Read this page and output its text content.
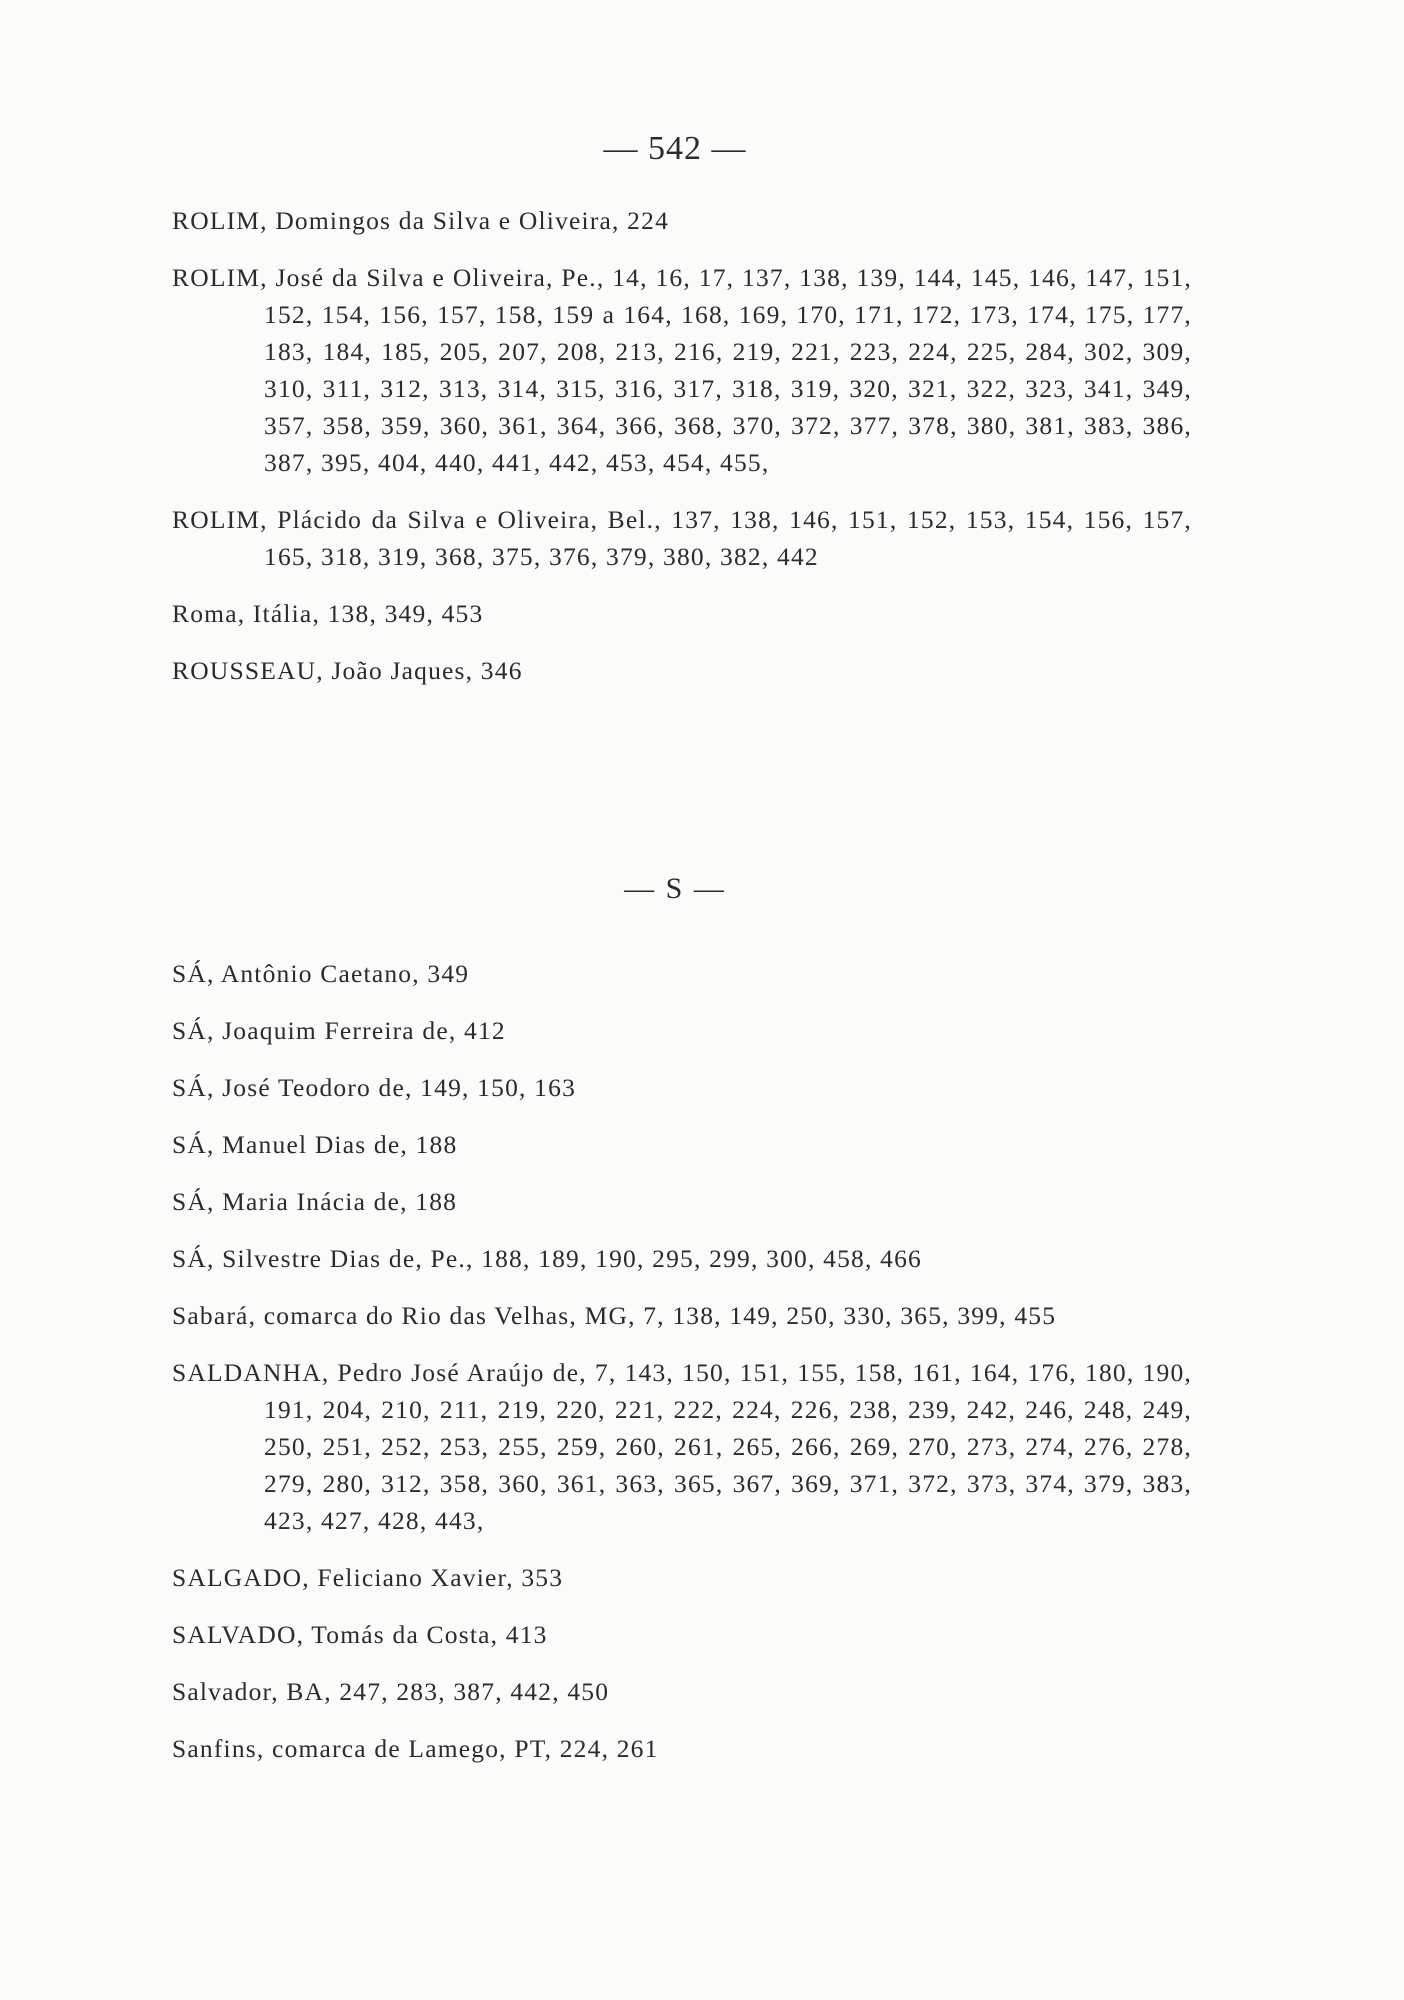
— 542 —

ROLIM, Domingos da Silva e Oliveira, 224

ROLIM, José da Silva e Oliveira, Pe., 14, 16, 17, 137, 138, 139, 144, 145, 146, 147, 151, 152, 154, 156, 157, 158, 159 a 164, 168, 169, 170, 171, 172, 173, 174, 175, 177, 183, 184, 185, 205, 207, 208, 213, 216, 219, 221, 223, 224, 225, 284, 302, 309, 310, 311, 312, 313, 314, 315, 316, 317, 318, 319, 320, 321, 322, 323, 341, 349, 357, 358, 359, 360, 361, 364, 366, 368, 370, 372, 377, 378, 380, 381, 383, 386, 387, 395, 404, 440, 441, 442, 453, 454, 455,

ROLIM, Plácido da Silva e Oliveira, Bel., 137, 138, 146, 151, 152, 153, 154, 156, 157, 165, 318, 319, 368, 375, 376, 379, 380, 382, 442

Roma, Itália, 138, 349, 453

ROUSSEAU, João Jaques, 346

— S —

SÁ, Antônio Caetano, 349

SÁ, Joaquim Ferreira de, 412

SÁ, José Teodoro de, 149, 150, 163

SÁ, Manuel Dias de, 188

SÁ, Maria Inácia de, 188

SÁ, Silvestre Dias de, Pe., 188, 189, 190, 295, 299, 300, 458, 466

Sabará, comarca do Rio das Velhas, MG, 7, 138, 149, 250, 330, 365, 399, 455

SALDANHA, Pedro José Araújo de, 7, 143, 150, 151, 155, 158, 161, 164, 176, 180, 190, 191, 204, 210, 211, 219, 220, 221, 222, 224, 226, 238, 239, 242, 246, 248, 249, 250, 251, 252, 253, 255, 259, 260, 261, 265, 266, 269, 270, 273, 274, 276, 278, 279, 280, 312, 358, 360, 361, 363, 365, 367, 369, 371, 372, 373, 374, 379, 383, 423, 427, 428, 443,

SALGADO, Feliciano Xavier, 353

SALVADO, Tomás da Costa, 413

Salvador, BA, 247, 283, 387, 442, 450

Sanfins, comarca de Lamego, PT, 224, 261
